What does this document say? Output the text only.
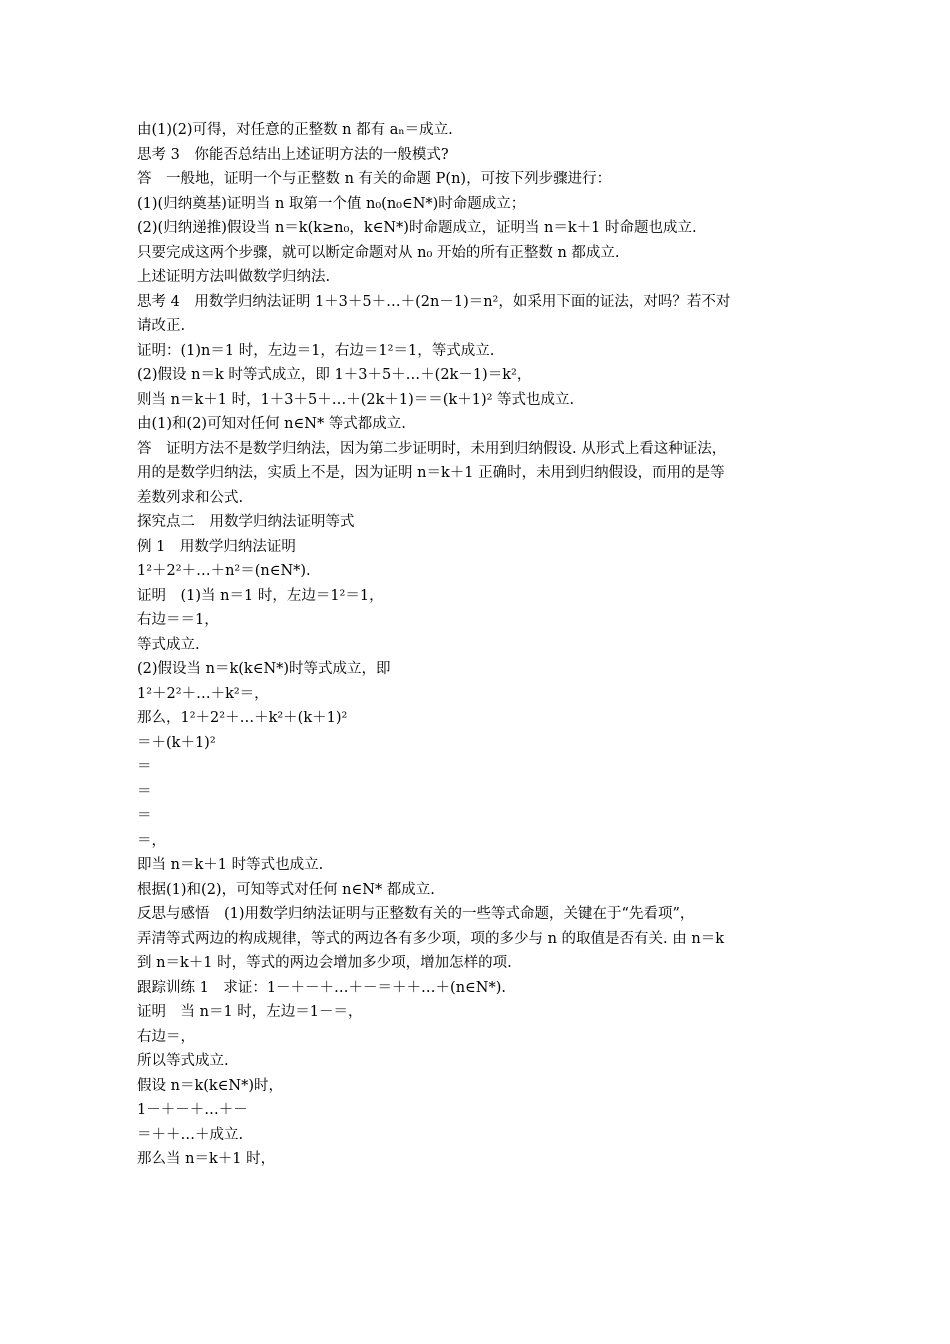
由(1)(2)可得，对任意的正整数 n 都有 aₙ＝成立.
思考 3　你能否总结出上述证明方法的一般模式?
答　一般地，证明一个与正整数 n 有关的命题 P(n)，可按下列步骤进行：
(1)(归纳奠基)证明当 n 取第一个值 n₀(n₀∈N*)时命题成立；
(2)(归纳递推)假设当 n＝k(k≥n₀，k∈N*)时命题成立，证明当 n＝k＋1 时命题也成立.
只要完成这两个步骤，就可以断定命题对从 n₀ 开始的所有正整数 n 都成立.
上述证明方法叫做数学归纳法.
思考 4　用数学归纳法证明 1＋3＋5＋…＋(2n－1)＝n²，如采用下面的证法，对吗？若不对
请改正.
证明：(1)n＝1 时，左边＝1，右边＝1²＝1，等式成立.
(2)假设 n＝k 时等式成立，即 1＋3＋5＋…＋(2k－1)＝k²，
则当 n＝k＋1 时，1＋3＋5＋…＋(2k＋1)＝＝(k＋1)² 等式也成立.
由(1)和(2)可知对任何 n∈N* 等式都成立.
答　证明方法不是数学归纳法，因为第二步证明时，未用到归纳假设. 从形式上看这种证法，
用的是数学归纳法，实质上不是，因为证明 n＝k＋1 正确时，未用到归纳假设，而用的是等
差数列求和公式.
探究点二　用数学归纳法证明等式
例 1　用数学归纳法证明
1²＋2²＋…＋n²＝(n∈N*).
证明　(1)当 n＝1 时，左边＝1²＝1，
右边＝＝1，
等式成立.
(2)假设当 n＝k(k∈N*)时等式成立，即
1²＋2²＋…＋k²＝，
那么，1²＋2²＋…＋k²＋(k＋1)²
＝＋(k＋1)²
＝
＝
＝
＝，
即当 n＝k＋1 时等式也成立.
根据(1)和(2)，可知等式对任何 n∈N* 都成立.
反思与感悟　(1)用数学归纳法证明与正整数有关的一些等式命题，关键在于“先看项”，
弄清等式两边的构成规律，等式的两边各有多少项，项的多少与 n 的取值是否有关. 由 n＝k
到 n＝k＋1 时，等式的两边会增加多少项，增加怎样的项.
跟踪训练 1　求证：1－＋－＋…＋－＝＋＋…＋(n∈N*).
证明　当 n＝1 时，左边＝1－＝，
右边＝，
所以等式成立.
假设 n＝k(k∈N*)时，
1－＋－＋…＋－
＝＋＋…＋成立.
那么当 n＝k＋1 时，
